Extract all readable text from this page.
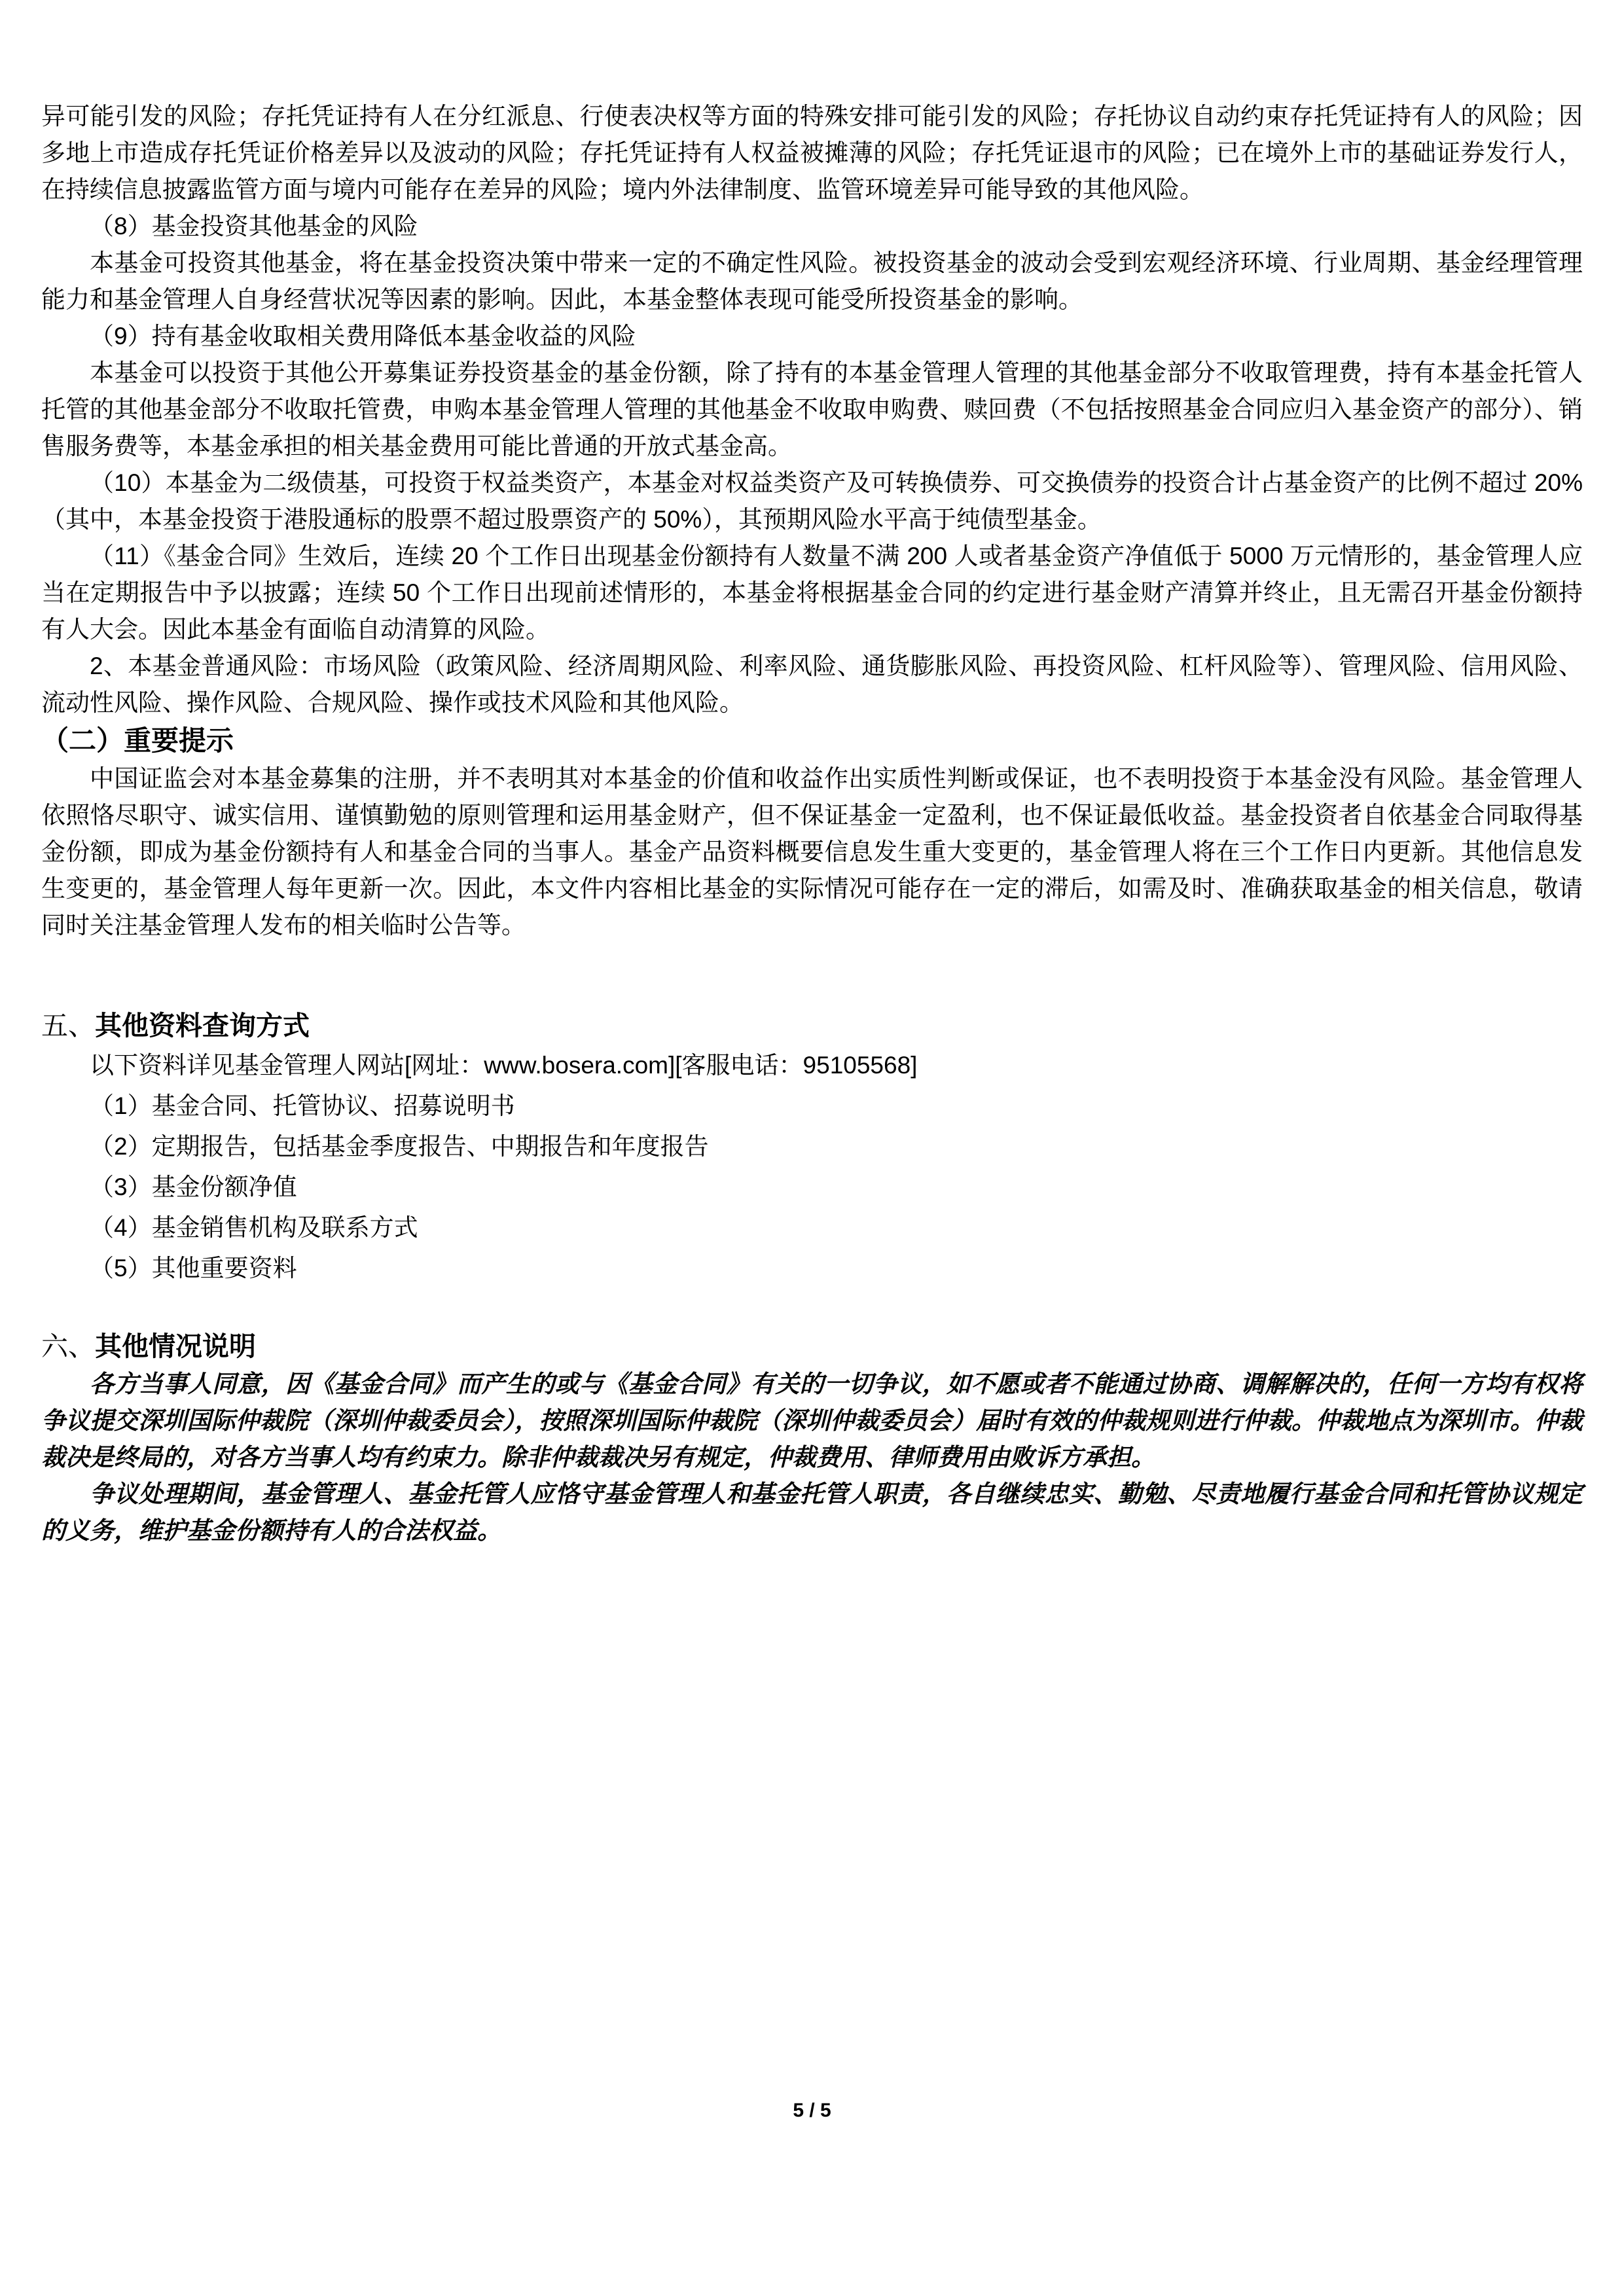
异可能引发的风险；存托凭证持有人在分红派息、行使表决权等方面的特殊安排可能引发的风险；存托协议自动约束存托凭证持有人的风险；因多地上市造成存托凭证价格差异以及波动的风险；存托凭证持有人权益被摊薄的风险；存托凭证退市的风险；已在境外上市的基础证券发行人，在持续信息披露监管方面与境内可能存在差异的风险；境内外法律制度、监管环境差异可能导致的其他风险。

（8）基金投资其他基金的风险

本基金可投资其他基金，将在基金投资决策中带来一定的不确定性风险。被投资基金的波动会受到宏观经济环境、行业周期、基金经理管理能力和基金管理人自身经营状况等因素的影响。因此，本基金整体表现可能受所投资基金的影响。

（9）持有基金收取相关费用降低本基金收益的风险

本基金可以投资于其他公开募集证券投资基金的基金份额，除了持有的本基金管理人管理的其他基金部分不收取管理费，持有本基金托管人托管的其他基金部分不收取托管费，申购本基金管理人管理的其他基金不收取申购费、赎回费（不包括按照基金合同应归入基金资产的部分）、销售服务费等，本基金承担的相关基金费用可能比普通的开放式基金高。

（10）本基金为二级债基，可投资于权益类资产，本基金对权益类资产及可转换债券、可交换债券的投资合计占基金资产的比例不超过 20%（其中，本基金投资于港股通标的股票不超过股票资产的 50%），其预期风险水平高于纯债型基金。

（11）《基金合同》生效后，连续 20 个工作日出现基金份额持有人数量不满 200 人或者基金资产净值低于 5000 万元情形的，基金管理人应当在定期报告中予以披露；连续 50 个工作日出现前述情形的，本基金将根据基金合同的约定进行基金财产清算并终止，且无需召开基金份额持有人大会。因此本基金有面临自动清算的风险。

2、本基金普通风险：市场风险（政策风险、经济周期风险、利率风险、通货膨胀风险、再投资风险、杠杆风险等）、管理风险、信用风险、流动性风险、操作风险、合规风险、操作或技术风险和其他风险。

（二）重要提示

中国证监会对本基金募集的注册，并不表明其对本基金的价值和收益作出实质性判断或保证，也不表明投资于本基金没有风险。基金管理人依照恪尽职守、诚实信用、谨慎勤勉的原则管理和运用基金财产，但不保证基金一定盈利，也不保证最低收益。基金投资者自依基金合同取得基金份额，即成为基金份额持有人和基金合同的当事人。基金产品资料概要信息发生重大变更的，基金管理人将在三个工作日内更新。其他信息发生变更的，基金管理人每年更新一次。因此，本文件内容相比基金的实际情况可能存在一定的滞后，如需及时、准确获取基金的相关信息，敬请同时关注基金管理人发布的相关临时公告等。

五、其他资料查询方式

以下资料详见基金管理人网站[网址：www.bosera.com][客服电话：95105568]

（1）基金合同、托管协议、招募说明书

（2）定期报告，包括基金季度报告、中期报告和年度报告

（3）基金份额净值

（4）基金销售机构及联系方式

（5）其他重要资料

六、其他情况说明

各方当事人同意，因《基金合同》而产生的或与《基金合同》有关的一切争议，如不愿或者不能通过协商、调解解决的，任何一方均有权将争议提交深圳国际仲裁院（深圳仲裁委员会），按照深圳国际仲裁院（深圳仲裁委员会）届时有效的仲裁规则进行仲裁。仲裁地点为深圳市。仲裁裁决是终局的，对各方当事人均有约束力。除非仲裁裁决另有规定，仲裁费用、律师费用由败诉方承担。

争议处理期间，基金管理人、基金托管人应恪守基金管理人和基金托管人职责，各自继续忠实、勤勉、尽责地履行基金合同和托管协议规定的义务，维护基金份额持有人的合法权益。

5 / 5
